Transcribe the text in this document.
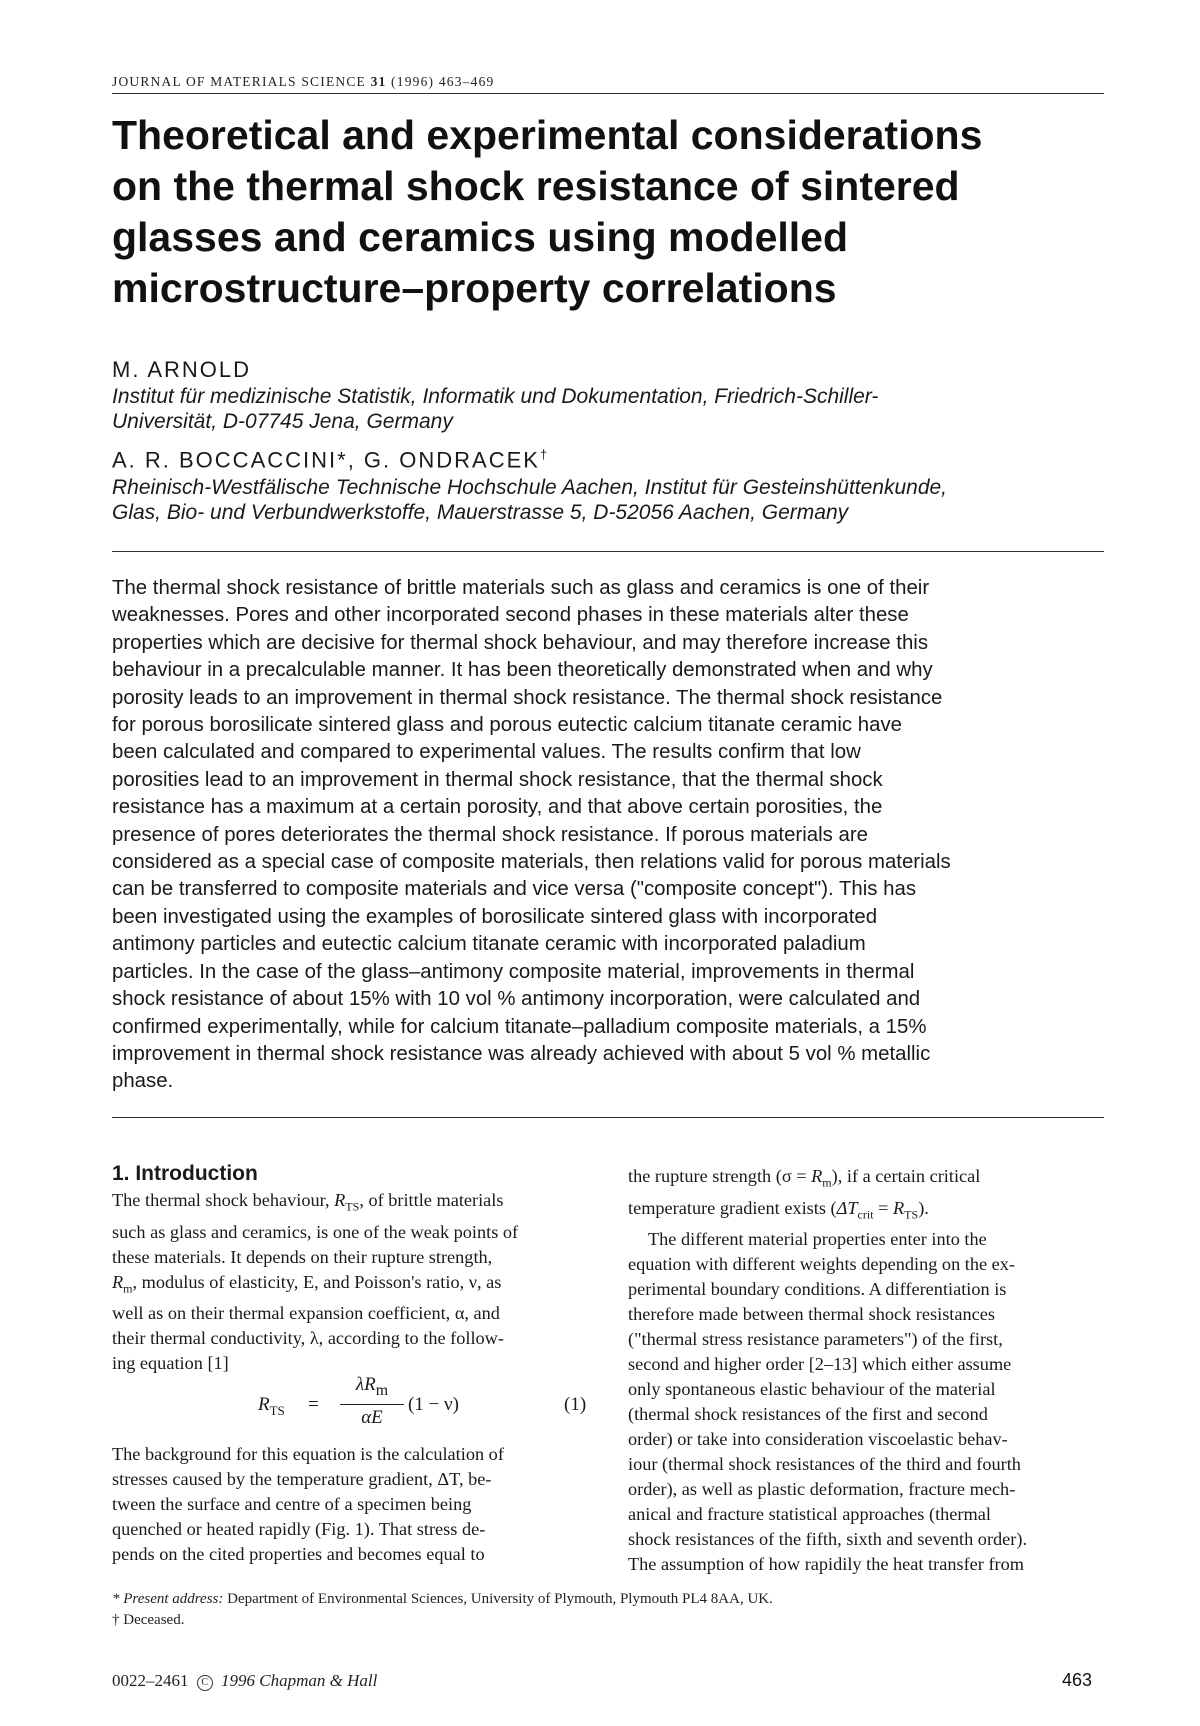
JOURNAL OF MATERIALS SCIENCE 31 (1996) 463–469
Theoretical and experimental considerations
on the thermal shock resistance of sintered
glasses and ceramics using modelled
microstructure–property correlations
M. ARNOLD
Institut für medizinische Statistik, Informatik und Dokumentation, Friedrich-Schiller-
Universität, D-07745 Jena, Germany
A. R. BOCCACCINI*, G. ONDRACEK†
Rheinisch-Westfälische Technische Hochschule Aachen, Institut für Gesteinshüttenkunde,
Glas, Bio- und Verbundwerkstoffe, Mauerstrasse 5, D-52056 Aachen, Germany
The thermal shock resistance of brittle materials such as glass and ceramics is one of their
weaknesses. Pores and other incorporated second phases in these materials alter these
properties which are decisive for thermal shock behaviour, and may therefore increase this
behaviour in a precalculable manner. It has been theoretically demonstrated when and why
porosity leads to an improvement in thermal shock resistance. The thermal shock resistance
for porous borosilicate sintered glass and porous eutectic calcium titanate ceramic have
been calculated and compared to experimental values. The results confirm that low
porosities lead to an improvement in thermal shock resistance, that the thermal shock
resistance has a maximum at a certain porosity, and that above certain porosities, the
presence of pores deteriorates the thermal shock resistance. If porous materials are
considered as a special case of composite materials, then relations valid for porous materials
can be transferred to composite materials and vice versa ("composite concept"). This has
been investigated using the examples of borosilicate sintered glass with incorporated
antimony particles and eutectic calcium titanate ceramic with incorporated paladium
particles. In the case of the glass–antimony composite material, improvements in thermal
shock resistance of about 15% with 10 vol % antimony incorporation, were calculated and
confirmed experimentally, while for calcium titanate–palladium composite materials, a 15%
improvement in thermal shock resistance was already achieved with about 5 vol % metallic
phase.
1. Introduction
The thermal shock behaviour, $R_{TS}$, of brittle materials
such as glass and ceramics, is one of the weak points of
these materials. It depends on their rupture strength,
$R_m$, modulus of elasticity, E, and Poisson's ratio, ν, as
well as on their thermal expansion coefficient, α, and
their thermal conductivity, λ, according to the follow-
ing equation [1]
$R_{TS}$ =
$\lambda R_m$
αE
(1 − ν)	(1)
The background for this equation is the calculation of
stresses caused by the temperature gradient, ΔT, be-
tween the surface and centre of a specimen being
quenched or heated rapidly (Fig. 1). That stress de-
pends on the cited properties and becomes equal to
the rupture strength $(\sigma = R_m)$, if a certain critical
temperature gradient exists $(\Delta T_{crit} = R_{TS})$.
The different material properties enter into the
equation with different weights depending on the ex-
perimental boundary conditions. A differentiation is
therefore made between thermal shock resistances
("thermal stress resistance parameters") of the first,
second and higher order [2–13] which either assume
only spontaneous elastic behaviour of the material
(thermal shock resistances of the first and second
order) or take into consideration viscoelastic behav-
iour (thermal shock resistances of the third and fourth
order), as well as plastic deformation, fracture mech-
anical and fracture statistical approaches (thermal
shock resistances of the fifth, sixth and seventh order).
The assumption of how rapidily the heat transfer from
* Present address: Department of Environmental Sciences, University of Plymouth, Plymouth PL4 8AA, UK.
† Deceased.
0022–2461 C 1996 Chapman & Hall	463
